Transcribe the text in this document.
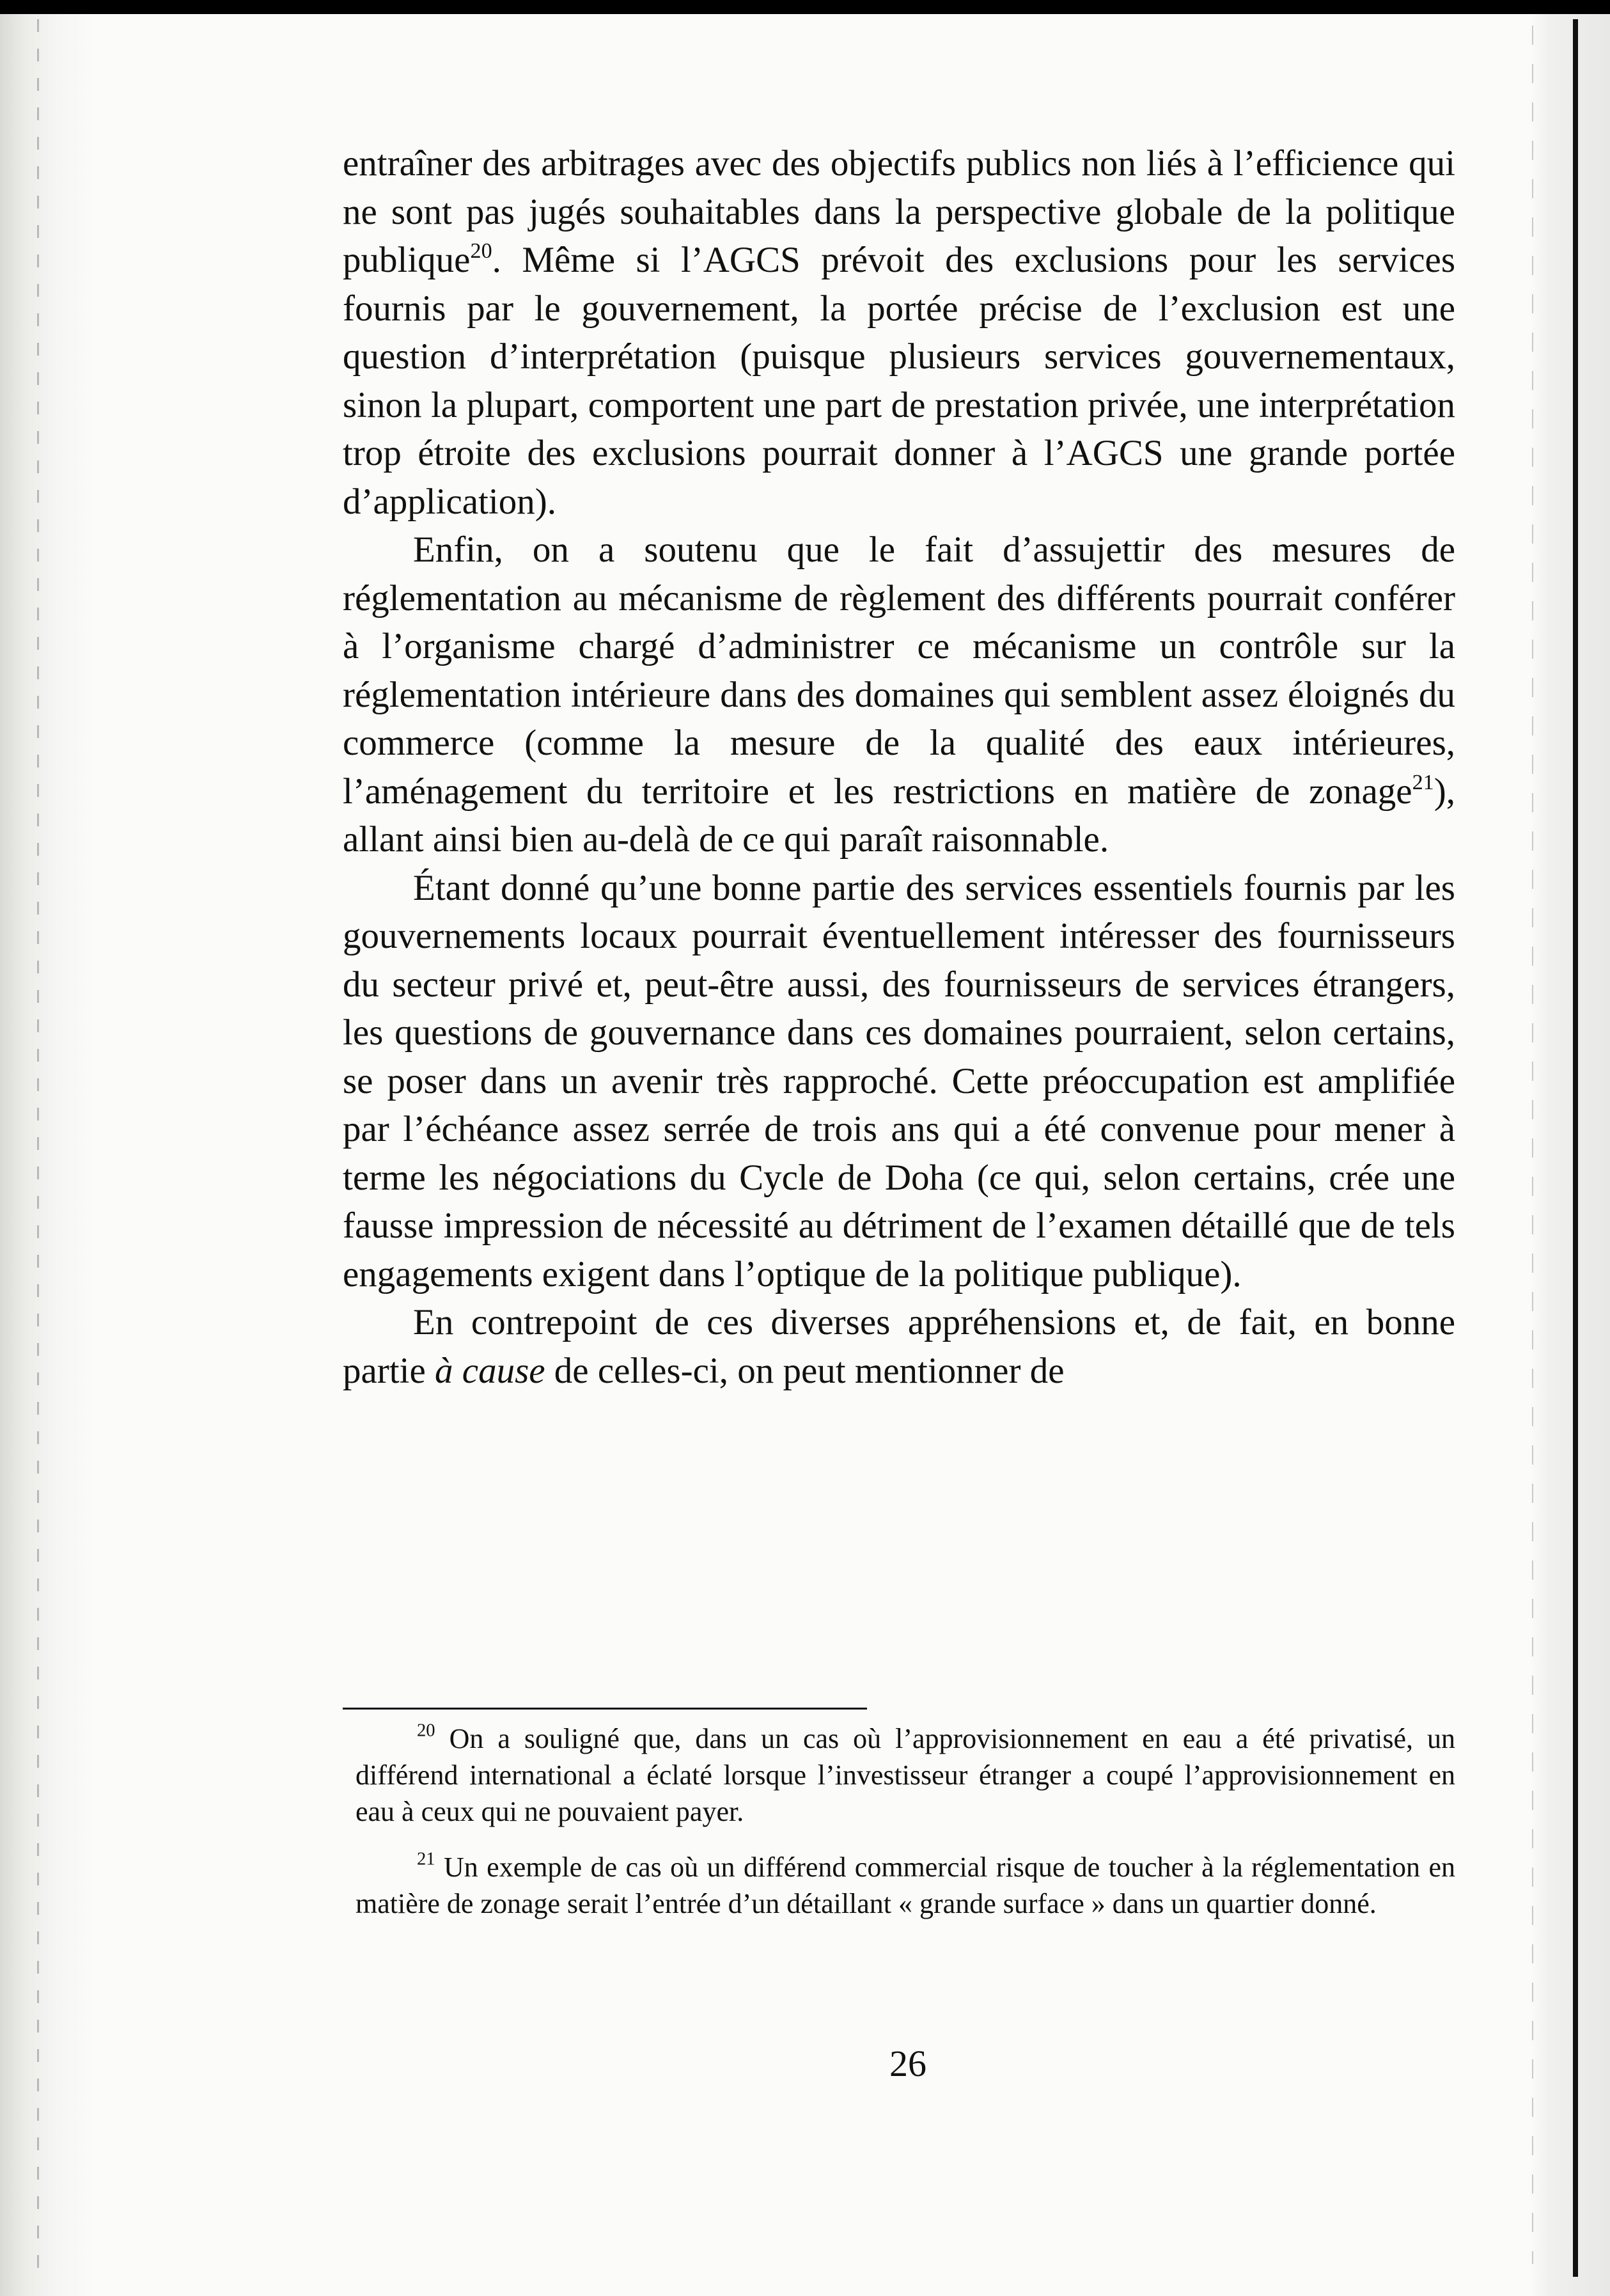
entraîner des arbitrages avec des objectifs publics non liés à l’efficience qui ne sont pas jugés souhaitables dans la perspective globale de la politique publique$^{20}$. Même si l’AGCS prévoit des exclusions pour les services fournis par le gouvernement, la portée précise de l’exclusion est une question d’interprétation (puisque plusieurs services gouvernementaux, sinon la plupart, comportent une part de prestation privée, une interprétation trop étroite des exclusions pourrait donner à l’AGCS une grande portée d’application).

Enfin, on a soutenu que le fait d’assujettir des mesures de réglementation au mécanisme de règlement des différents pourrait conférer à l’organisme chargé d’administrer ce mécanisme un contrôle sur la réglementation intérieure dans des domaines qui semblent assez éloignés du commerce (comme la mesure de la qualité des eaux intérieures, l’aménagement du territoire et les restrictions en matière de zonage$^{21}$), allant ainsi bien au-delà de ce qui paraît raisonnable.

Étant donné qu’une bonne partie des services essentiels fournis par les gouvernements locaux pourrait éventuellement intéresser des fournisseurs du secteur privé et, peut-être aussi, des fournisseurs de services étrangers, les questions de gouvernance dans ces domaines pourraient, selon certains, se poser dans un avenir très rapproché. Cette préoccupation est amplifiée par l’échéance assez serrée de trois ans qui a été convenue pour mener à terme les négociations du Cycle de Doha (ce qui, selon certains, crée une fausse impression de nécessité au détriment de l’examen détaillé que de tels engagements exigent dans l’optique de la politique publique).

En contrepoint de ces diverses appréhensions et, de fait, en bonne partie à cause de celles-ci, on peut mentionner de

$^{20}$ On a souligné que, dans un cas où l’approvisionnement en eau a été privatisé, un différend international a éclaté lorsque l’investisseur étranger a coupé l’approvisionnement en eau à ceux qui ne pouvaient payer.

$^{21}$ Un exemple de cas où un différend commercial risque de toucher à la réglementation en matière de zonage serait l’entrée d’un détaillant « grande surface » dans un quartier donné.

26
